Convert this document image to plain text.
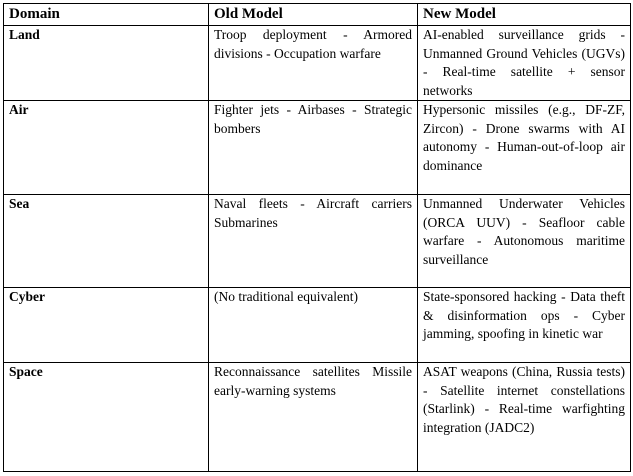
Domain	Old Model	New Model
Land	Troop deployment - Armored divisions - Occupation warfare	AI-enabled surveillance grids - Unmanned Ground Vehicles (UGVs) - Real-time satellite + sensor networks
Air	Fighter jets - Airbases - Strategic bombers	Hypersonic missiles (e.g., DF-ZF, Zircon) - Drone swarms with AI autonomy - Human-out-of-loop air dominance
Sea	Naval fleets - Aircraft carriers Submarines	Unmanned Underwater Vehicles (ORCA UUV) - Seafloor cable warfare - Autonomous maritime surveillance
Cyber	(No traditional equivalent)	State-sponsored hacking - Data theft & disinformation ops - Cyber jamming, spoofing in kinetic war
Space	Reconnaissance satellites Missile early-warning systems	ASAT weapons (China, Russia tests) - Satellite internet constellations (Starlink) - Real-time warfighting integration (JADC2)
